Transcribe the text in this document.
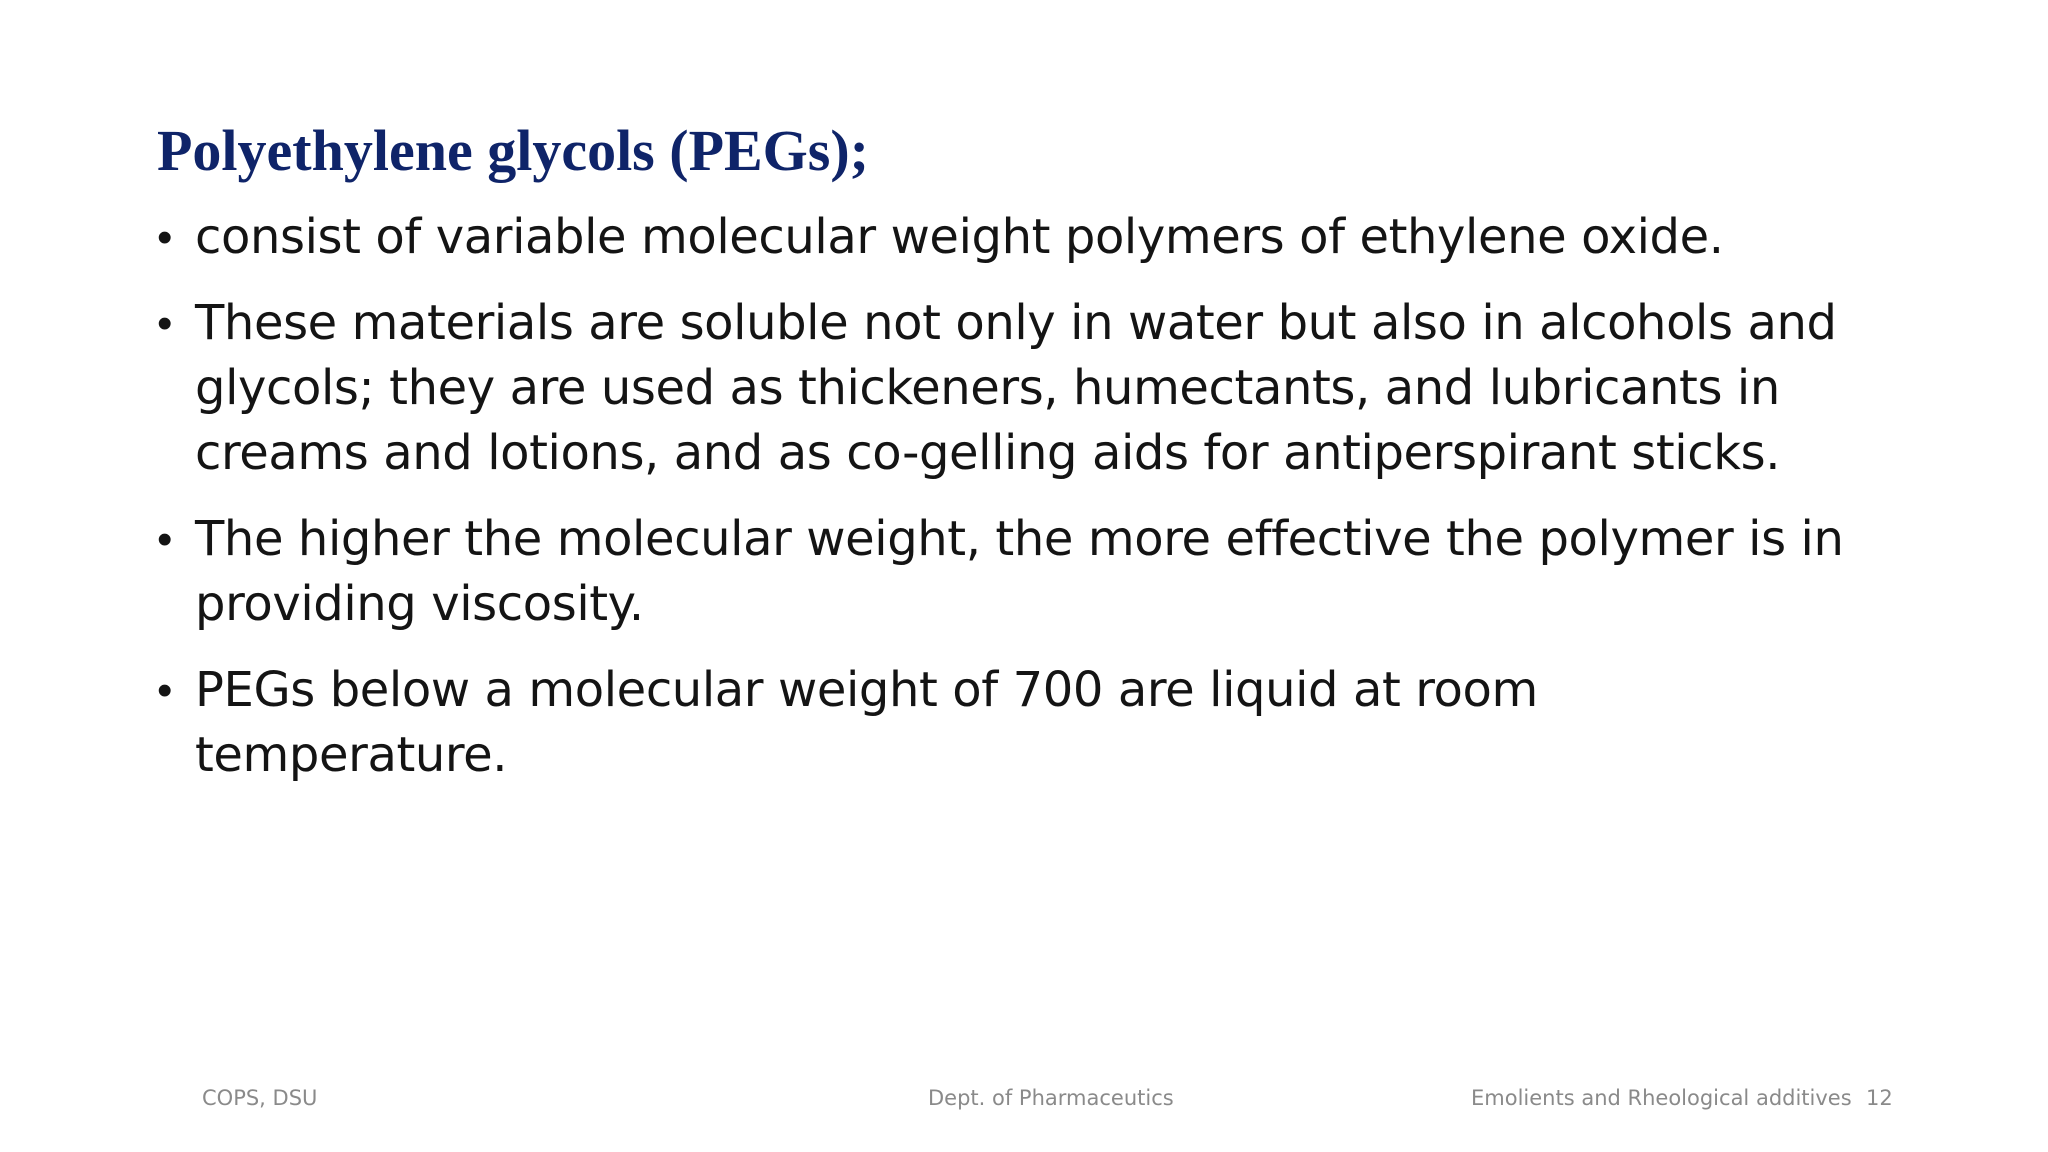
Polyethylene glycols (PEGs);
• consist of variable molecular weight polymers of ethylene oxide.
• These materials are soluble not only in water but also in alcohols and glycols; they are used as thickeners, humectants, and lubricants in creams and lotions, and as co-gelling aids for antiperspirant sticks.
• The higher the molecular weight, the more effective the polymer is in providing viscosity.
• PEGs below a molecular weight of 700 are liquid at room temperature.
COPS, DSU	Dept. of Pharmaceutics	Emolients and Rheological additives 12
